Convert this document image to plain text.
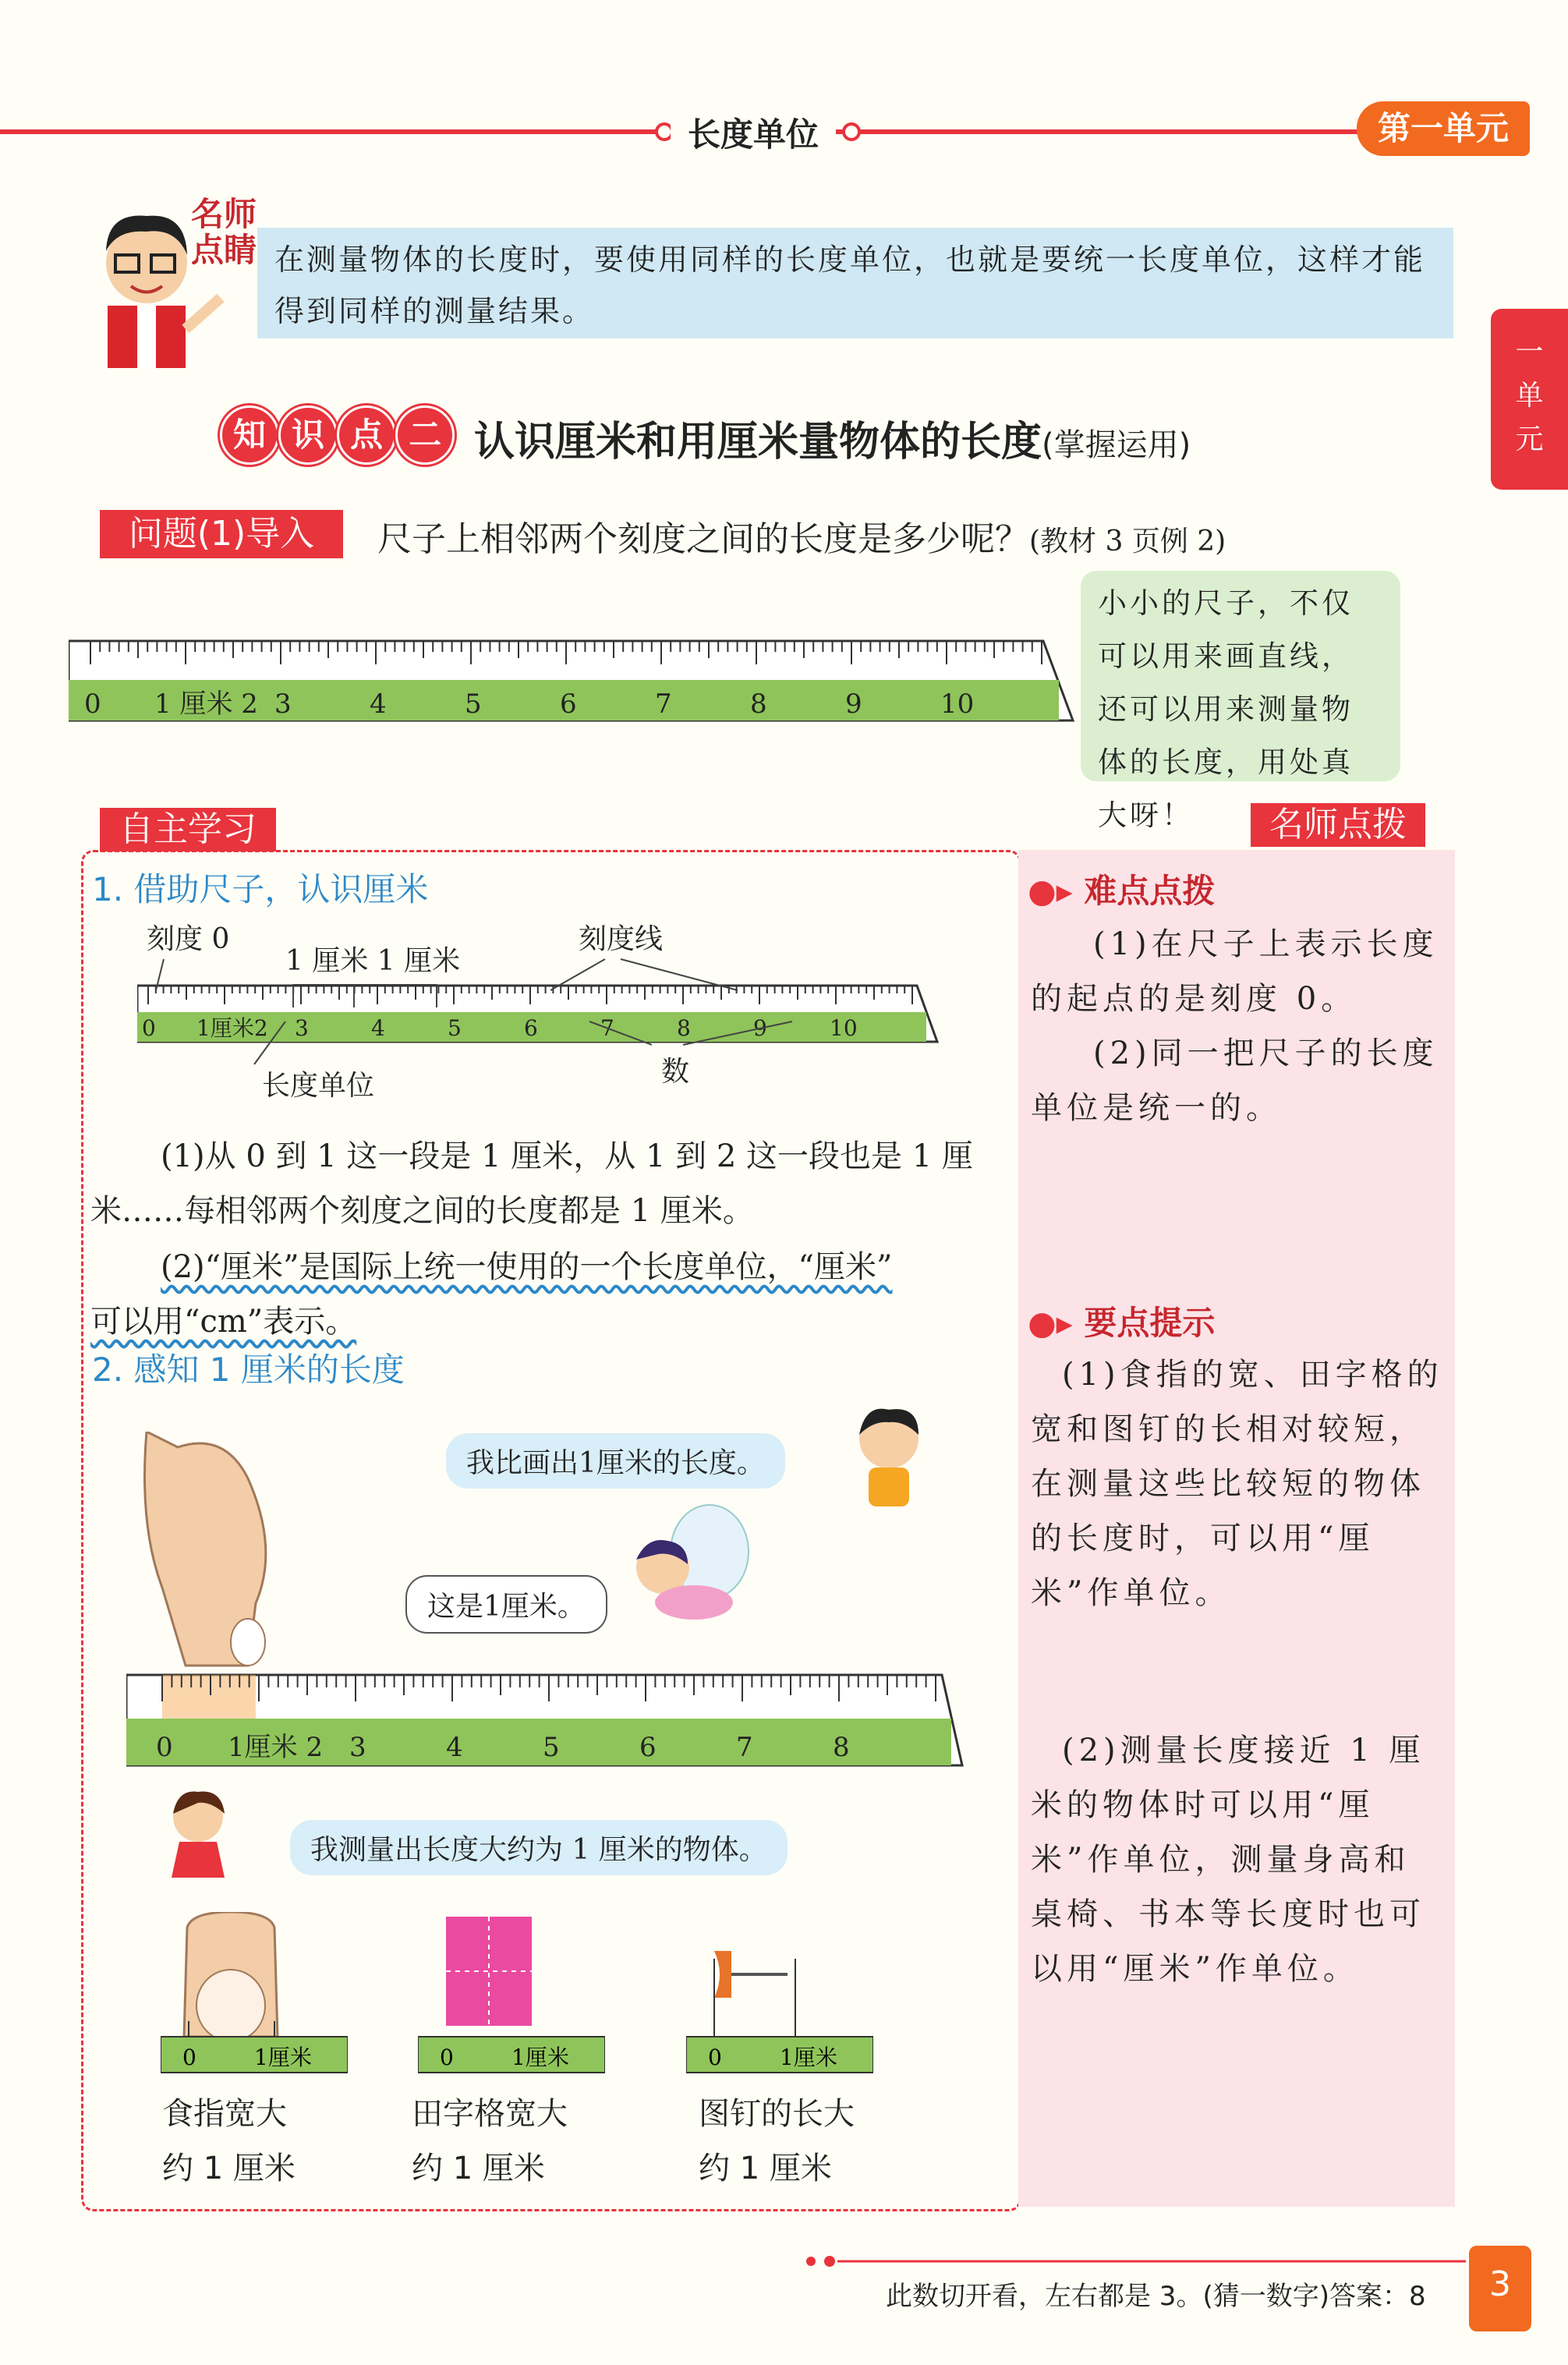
长度单位	第一单元
一
单
元
名师
点睛 在测量物体的长度时，要使用同样的长度单位，也就是要统一长度单位，这样才能得到同样的测量结果。
知 识 点 二 认识厘米和用厘米量物体的长度(掌握运用)
问题(1)导入	尺子上相邻两个刻度之间的长度是多少呢？(教材 3 页例 2)
0 1 厘米 2 3	4	5	6	7	8	9	10
小小的尺子，不仅可以用来画直线，还可以用来测量物体的长度，用处真大呀！
自主学习	名师点拨
1. 借助尺子，认识厘米
刻度 0
1 厘米 1 厘米
刻度线
0 1厘米2 3	4	5	6	7	8	9	10
长度单位	数
(1)从 0 到 1 这一段是 1 厘米，从 1 到 2 这一段也是 1 厘米……每相邻两个刻度之间的长度都是 1 厘米。
(2)“厘米”是国际上统一使用的一个长度单位，“厘米”
可以用“cm”表示。
2. 感知 1 厘米的长度
我比画出1厘米的长度。
这是1厘米。
0 1厘米 2 3	4	5	6	7	8
我测量出长度大约为 1 厘米的物体。
0	1厘米	0	1厘米	0	1厘米
食指宽大
约 1 厘米
田字格宽大
约 1 厘米
图钉的长大
约 1 厘米
●▸ 难点点拨
(1)在尺子上表示长度的起点的是刻度 0。
(2)同一把尺子的长度单位是统一的。
●▸ 要点提示
(1)食指的宽、田字格的宽和图钉的长相对较短，在测量这些比较短的物体的长度时，可以用“厘米”作单位。
(2)测量长度接近 1 厘米的物体时可以用“厘米”作单位，测量身高和桌椅、书本等长度时也可以用“厘米”作单位。
此数切开看，左右都是 3。(猜一数字)答案：8	3
